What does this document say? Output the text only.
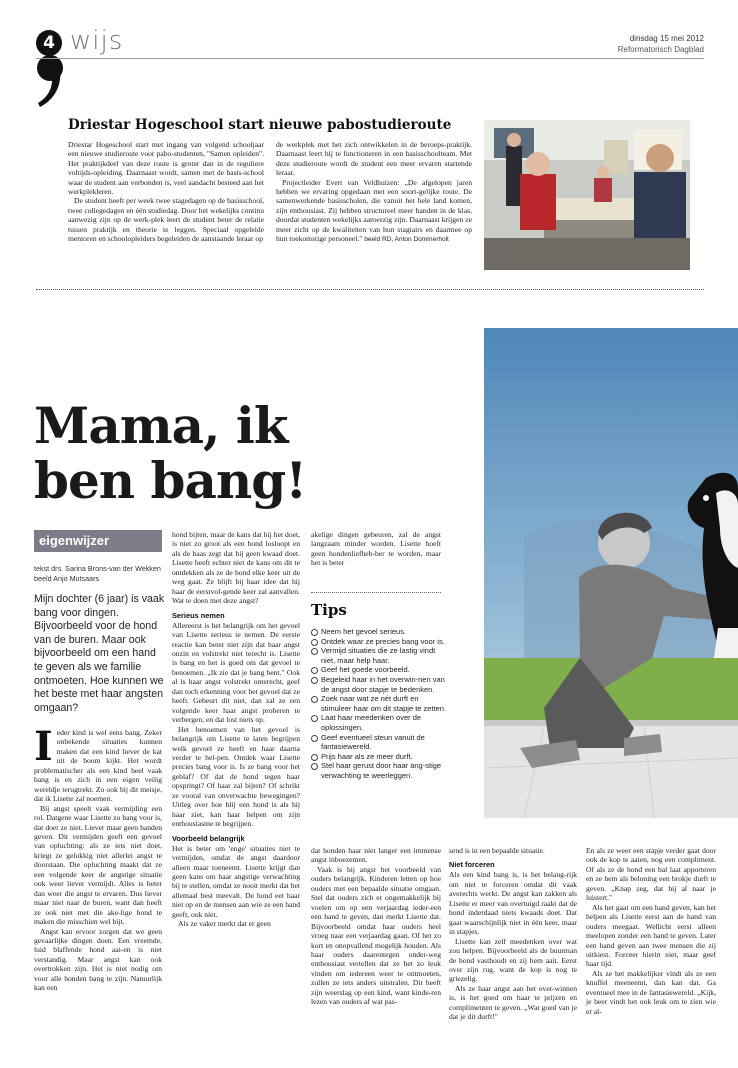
4 wijs	dinsdag 15 mei 2012
Reformatorisch Dagblad
Driestar Hogeschool start nieuwe pabostudieroute

Driestar Hogeschool start met ingang van volgend schooljaar een nieuwe studieroute voor pabo-studenten, "Samen opleiden". Het praktijkdeel van deze route is groter dan in de reguliere voltijds-opleiding. Daarnaast wordt, samen met de basis-school waar de student aan verbonden is, veel aandacht besteed aan het werkplekleren.

De student heeft per week twee stagedagen op de basisschool, twee collegedagen en één studiedag. Door het wekelijks continu aanwezig zijn op de werk-plek leert de student beter de relatie tussen praktijk en theorie te leggen. Speciaal opgeleide mentoren en schoolopleiders begeleiden de aanstaande leraar op

de werkplek met het zich ontwikkelen in de beroeps-praktijk. Daarnaast leert hij te functioneren in een basisschoolteam. Met deze studieroute wordt de student een meer ervaren startende leraar.

Projectleider Evert van Veldhuizen: „De afgelopen jaren hebben we ervaring opgedaan met een soort-gelijke route. De samenwerkende basisscholen, die vanuit het hele land komen, zijn enthousiast. Zij hebben structureel meer handen in de klas, doordat studenten wekelijks aanwezig zijn. Daarnaast krijgen ze meer zicht op de kwaliteiten van hun stagiairs en daarmee op hun toekomstige personeel." beeld RD, Anton Dommerholt

Mama, ik ben bang!
eigenwijzer
tekst drs. Sarina Brons-van der Wekken
beeld Anjo Mutsaars
Mijn dochter (6 jaar) is vaak bang voor dingen. Bijvoorbeeld voor de hond van de buren. Maar ook bijvoorbeeld om een hand te geven als we familie ontmoeten. Hoe kunnen we het beste met haar angsten omgaan?

Ieder kind is wel eens bang. Zeker onbekende situaties kunnen maken dat een kind liever de kat uit de boom kijkt. Het wordt problematischer als een kind heel vaak bang is en zich in een eigen veilig wereldje terugtrekt. Zo ook bij dit meisje, dat ik Lisette zal noemen.

Bij angst speelt vaak vermijding een rol. Datgene waar Lisette zo bang voor is, dat doet ze niet. Liever maar geen handen geven. Dit vermijden geeft een gevoel van opluchting: als ze iets niet doet, kriegt ze gelukkig niet allerlei angst te doorstaan. Die opluchting maakt dat ze een volgende keer de angstige situatie ook weer liever vermijdt. Alles is beter dan weer die angst te ervaren. Dus liever maar niet naar de buren, want dan heeft ze ook niet met die ake-lige hond te maken die misschien wel bijt.

Angst kan ervoor zorgen dat we geen gevaarlijke dingen doen. Een vreemde, luid blaffende hond aai-en is niet verstandig. Maar angst kan ook overtrokken zijn. Het is niet nodig om voor alle honden bang te zijn. Natuurlijk kan een

hond bijten, maar de kans dat hij het doet, is niet zo groot als een hond losloopt en als de baas zegt dat hij geen kwaad doet. Lisette heeft echter niet de kans om dit te ontdekken als ze de hond elke keer uit de weg gaat. Ze blijft bij haar idee dat hij haar de eerstvol-gende keer zal aanvallen. Wat te doen met deze angst?

Serieus nemen

Allereerst is het belangrijk om het gevoel van Lisette serieus te nemen. De eerste reactie kan beter niet zijn dat haar angst onzin en volstrekt niet terecht is. Lisette is bang en het is goed om dat gevoel te benoemen. „Ik zie dat je bang bent." Ook al is haar angst volstrekt onterecht, geef dan toch erkenning voor het gevoel dat ze heeft. Gebeurt dit niet, dan zal ze een volgende keer haar angst proberen te verbergen, en dat lost niets op.

Het benoemen van het gevoel is belangrijk om Lisette te laten begrijpen welk gevoel ze heeft en haar daarna verder te hel-pen. Ontdek waar Lisette precies bang voor is. Is ze bang voor het geblaf? Of dat de hond tegen haar opspringt? Of haar zal bijten? Of schrikt ze vooral van onverwachte bewegingen? Uitleg over hoe blij een hond is als hij haar ziet, kan haar helpen om zijn enthousiasme te begrijpen.

Voorbeeld belangrijk

Het is beter om 'enge' situaties niet te vermijden, omdat de angst daardoor alleen maar toeneemt. Lisette krijgt dan geen kans om haar angstige verwachting bij te stellen, omdat ze nooit merkt dat het allemaal best meevalt. De hond eet haar niet op en de mensen aan wie ze een hand geeft, ook niet.

Als ze vaker merkt dat er geen

akelige dingen gebeuren, zal de angst langzaam minder worden. Lisette hoeft geen hondenliefheb-ber te worden, maar het is beter

Tips
Neem het gevoel serieus.
Ontdek waar ze precies bang voor is.
Vermijd situaties die ze lastig vindt niet, maar help haar.
Geef het goede voorbeeld.
Begeleid haar in het overwin-nen van de angst door stapje te bedenken.
Zoek naar wat ze nét durft en stimuleer haar om dit stapje te zetten.
Laat haar meedenken over de oplossingen.
Geef eventueel steun vanuit de fantasiewereld.
Prijs haar als ze meer durft.
Stel haar gerust door haar ang-stige verwachting te weerleggen.

dat honden haar niet langer een immense angst inboezemen.

Vaak is bij angst het voorbeeld van ouders belangrijk. Kinderen letten op hoe ouders met een bepaalde situatie omgaan. Stel dat ouders zich er ongemakkelijk bij voelen om op een verjaardag ieder-een een hand te geven, dan merkt Lisette dat. Bijvoorbeeld omdat haar ouders heel vroeg naar een verjaardag gaan. Of het zo kort en onopvallend mogelijk houden. Als haar ouders daarentegen onder-weg enthousiast vertellen dat ze het zo leuk vinden om iedereen weer te ontmoeten, zullen ze iets anders uitstralen. Dit heeft zijn weerslag op een kind, want kinde-ren lezen van ouders af wat pas-

send is in een bepaalde situatie.

Niet forceren

Als een kind bang is, is het belang-rijk om niet te forceren omdat dit vaak averechts werkt. De angst kan zakken als Lisette er meer van overtuigd raakt dat de hond inderdaad niets kwaads doet. Dat gaat waarschijnlijk niet in één keer, maar in stapjes.

Lisette kan zelf meedenken over wat zou helpen. Bijvoorbeeld als de buurman de hond vasthoudt en zij hem aait. Eerst over zijn rug, want de kop is nog te griezelig.

Als ze haar angst aan het over-winnen is, is het goed om haar te prijzen en complimenten te geven. „Wat goed van je dat je dit durft!"

En als ze weer een stapje verder gaat door ook de kop te aaien, nog een compliment. Of als ze de hond een bal laat apporteren en ze hem als beloning een brokje durft te geven. „Knap zeg, dat hij al naar je luistert."

Als het gaat om een hand geven, kan het helpen als Lisette eerst aan de hand van ouders meegaat. Wellicht eerst alleen meelopen zonder een hand te geven. Later een hand geven aan twee mensen die zij uitkiest. Forceer hierin niet, maar geef haar tijd.

Als ze het makkelijker vindt als ze een knuffel meeneemt, dan kan dat. Ga eventueel mee in de fantasiewereld. „Kijk, je beer vindt het ook leuk om te zien wie er al-
